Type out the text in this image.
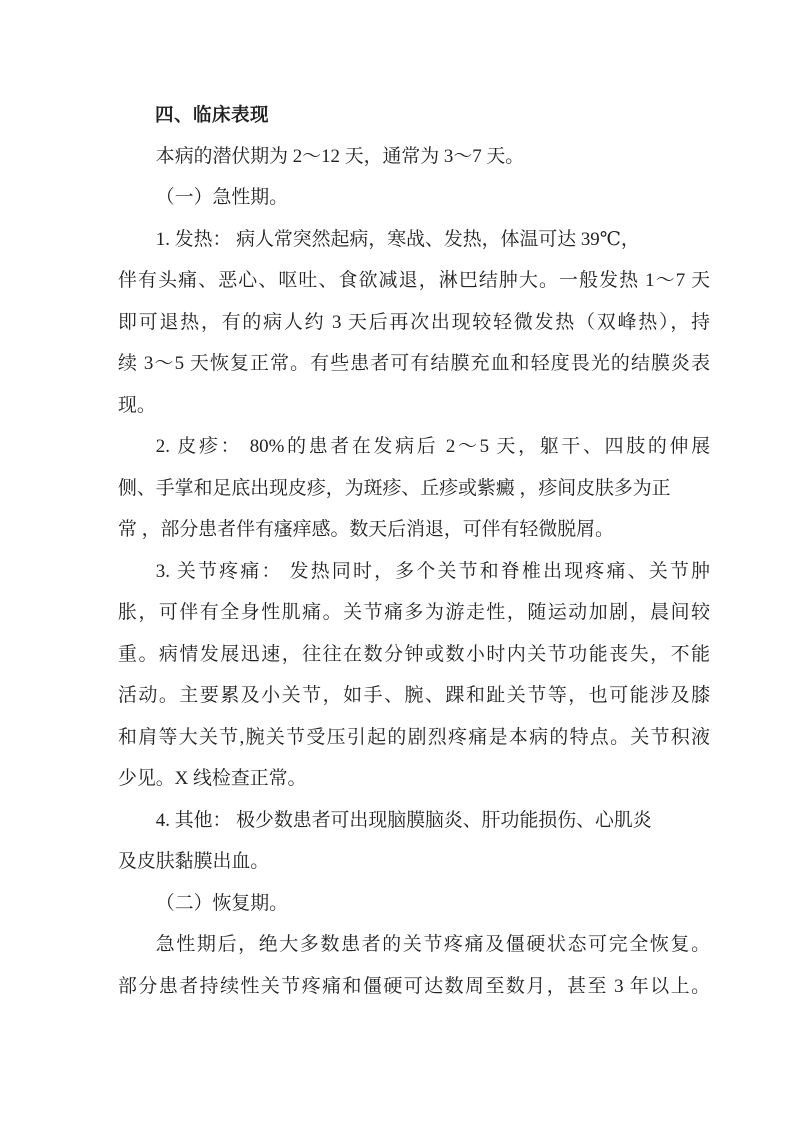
四、临床表现
本病的潜伏期为 2～12 天，通常为 3～7 天。
（一）急性期。
1. 发热： 病人常突然起病，寒战、发热，体温可达 39℃，
伴有头痛、恶心、呕吐、食欲减退，淋巴结肿大。一般发热 1～7 天
即可退热，有的病人约 3 天后再次出现较轻微发热（双峰热），持
续 3～5 天恢复正常。有些患者可有结膜充血和轻度畏光的结膜炎表
现。
2. 皮疹： 80%的患者在发病后 2～5 天，躯干、四肢的伸展
侧、手掌和足底出现皮疹，为斑疹、丘疹或紫癜 ，疹间皮肤多为正
常 ，部分患者伴有瘙痒感。数天后消退，可伴有轻微脱屑。
3. 关节疼痛： 发热同时，多个关节和脊椎出现疼痛、关节肿
胀，可伴有全身性肌痛。关节痛多为游走性，随运动加剧，晨间较
重。病情发展迅速，往往在数分钟或数小时内关节功能丧失，不能
活动。主要累及小关节，如手、腕、踝和趾关节等，也可能涉及膝
和肩等大关节,腕关节受压引起的剧烈疼痛是本病的特点。关节积液
少见。X 线检查正常。
4. 其他： 极少数患者可出现脑膜脑炎、肝功能损伤、心肌炎
及皮肤黏膜出血。
（二）恢复期。
急性期后，绝大多数患者的关节疼痛及僵硬状态可完全恢复。
部分患者持续性关节疼痛和僵硬可达数周至数月，甚至 3 年以上。
